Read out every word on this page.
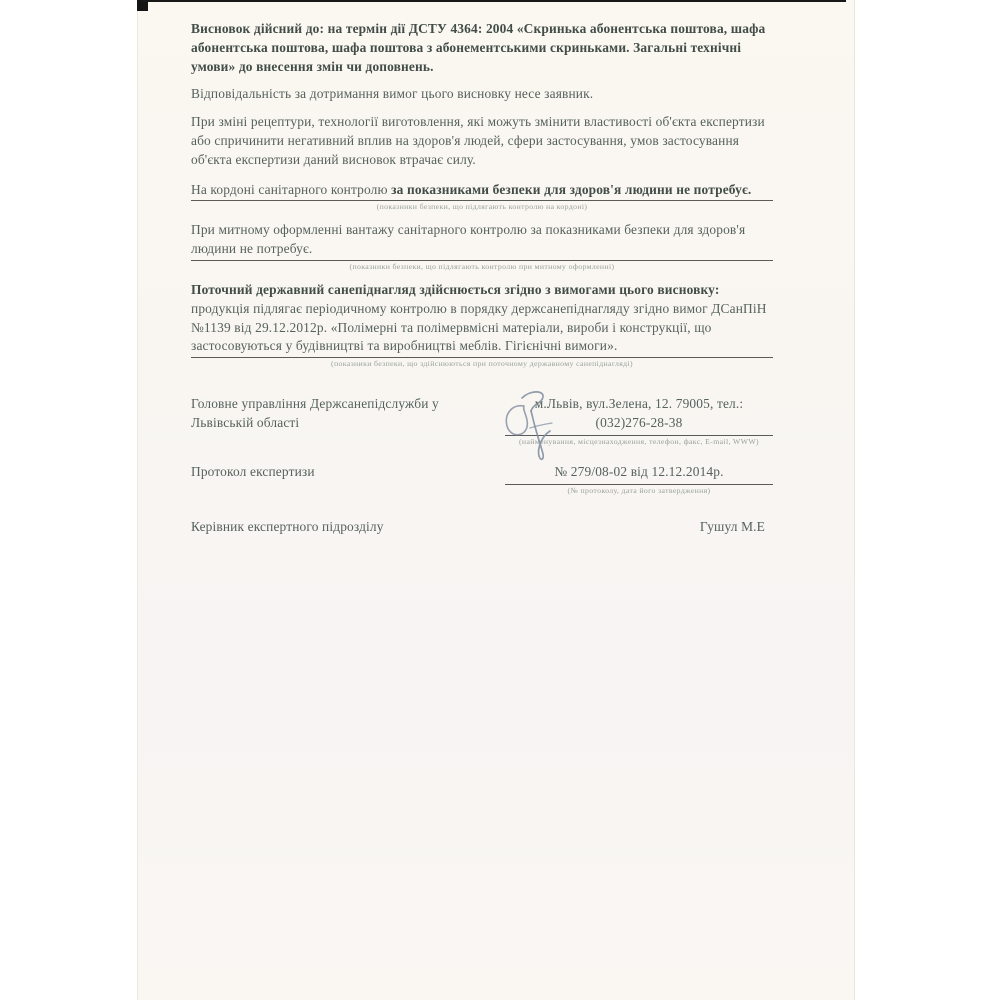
Висновок дійсний до: на термін дії ДСТУ 4364: 2004 «Скринька абонентська поштова, шафа абонентська поштова, шафа поштова з абонементськими скриньками. Загальні технічні умови» до внесення змін чи доповнень.

Відповідальність за дотримання вимог цього висновку несе заявник.

При зміні рецептури, технології виготовлення, які можуть змінити властивості об'єкта експертизи або спричинити негативний вплив на здоров'я людей, сфери застосування, умов застосування об'єкта експертизи даний висновок втрачає силу.

На кордоні санітарного контролю за показниками безпеки для здоров'я людини не потребує.
(показники безпеки, що підлягають контролю на кордоні)
При митному оформленні вантажу санітарного контролю за показниками безпеки для здоров'я людини не потребує.
(показники безпеки, що підлягають контролю при митному оформленні)
Поточний державний санепіднагляд здійснюється згідно з вимогами цього висновку: продукція підлягає періодичному контролю в порядку держсанепіднагляду згідно вимог ДСанПіН №1139 від 29.12.2012р. «Полімерні та полімервмісні матеріали, вироби і конструкції, що застосовуються у будівництві та виробництві меблів. Гігієнічні вимоги».
(показники безпеки, що здійснюються при поточному державному санепіднагляді)
Головне управління Держсанепідслужби у Львівській області
м.Львів, вул.Зелена, 12. 79005, тел.:
(032)276-28-38
(найменування, місцезнаходження, телефон, факс, E-mail, WWW)
Протокол експертизи	№ 279/08-02 від 12.12.2014р.
(№ протоколу, дата його затвердження)
Керівник експертного підрозділу	Гушул М.Е
